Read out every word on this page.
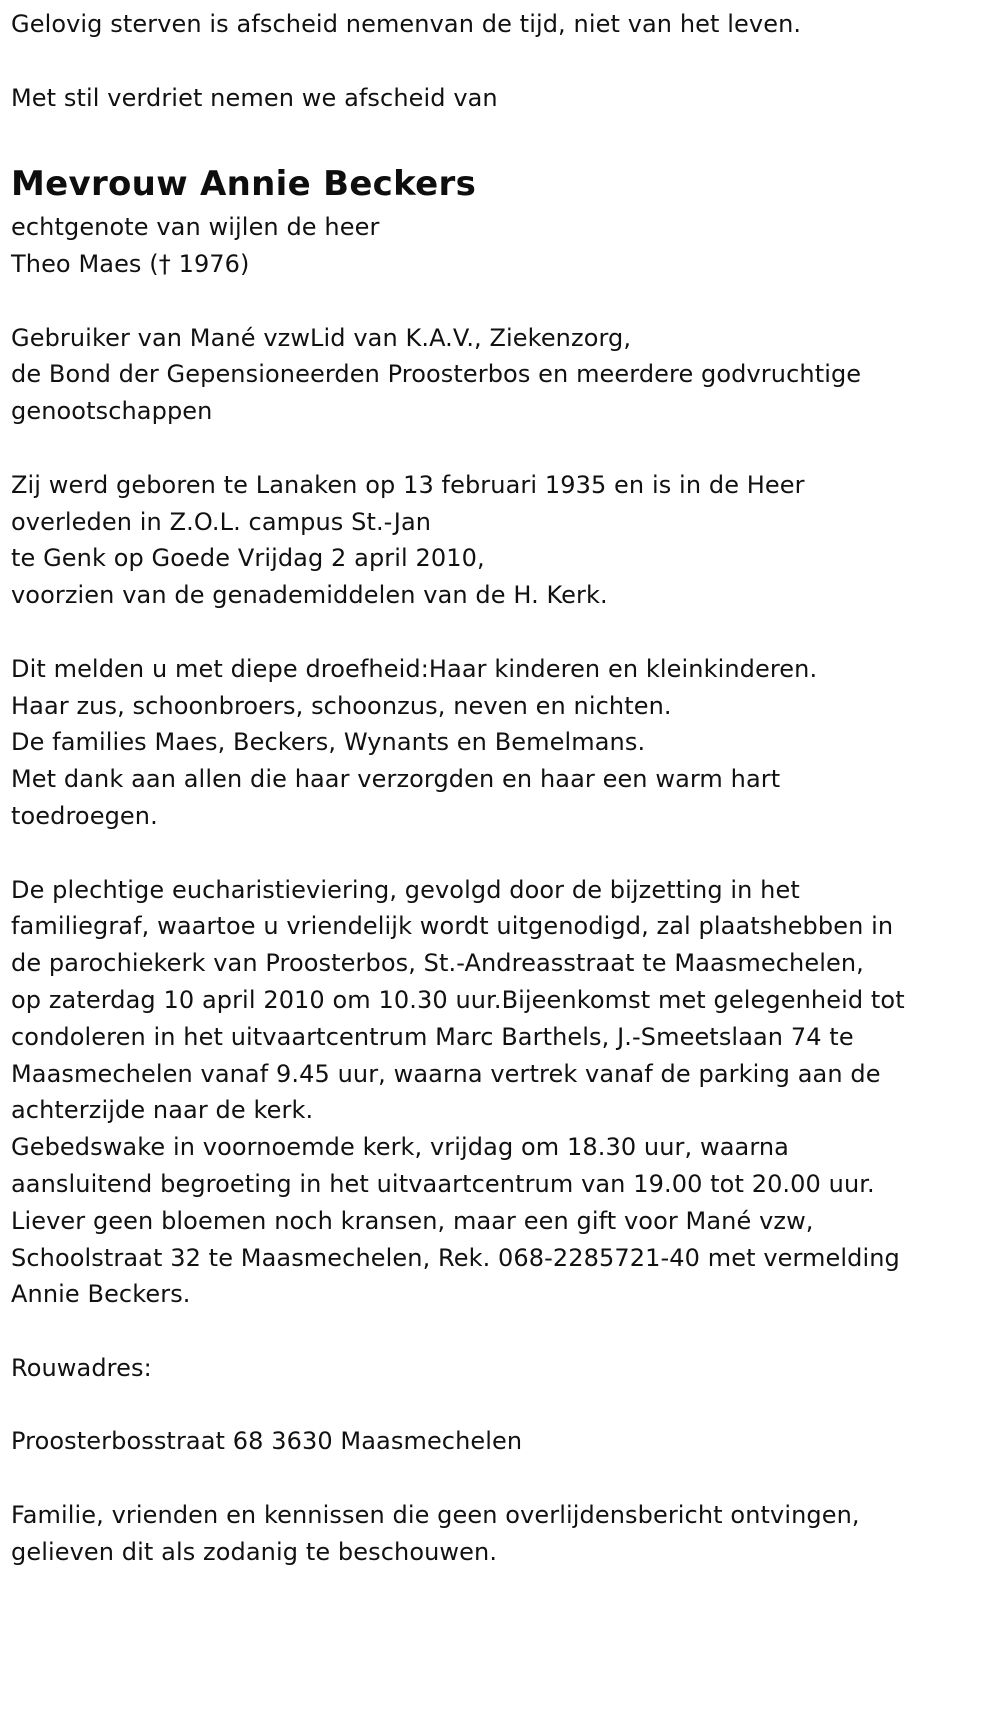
Gelovig sterven is afscheid nemenvan de tijd, niet van het leven.
Met stil verdriet nemen we afscheid van
Mevrouw Annie Beckers
echtgenote van wijlen de heer
Theo Maes († 1976)
Gebruiker van Mané vzwLid van K.A.V., Ziekenzorg,
de Bond der Gepensioneerden Proosterbos en meerdere godvruchtige
genootschappen
Zij werd geboren te Lanaken op 13 februari 1935 en is in de Heer
overleden in Z.O.L. campus St.-Jan
te Genk op Goede Vrijdag 2 april 2010,
voorzien van de genademiddelen van de H. Kerk.
Dit melden u met diepe droefheid:Haar kinderen en kleinkinderen.
Haar zus, schoonbroers, schoonzus, neven en nichten.
De families Maes, Beckers, Wynants en Bemelmans.
Met dank aan allen die haar verzorgden en haar een warm hart
toedroegen.
De plechtige eucharistieviering, gevolgd door de bijzetting in het
familiegraf, waartoe u vriendelijk wordt uitgenodigd, zal plaatshebben in
de parochiekerk van Proosterbos, St.-Andreasstraat te Maasmechelen,
op zaterdag 10 april 2010 om 10.30 uur.Bijeenkomst met gelegenheid tot
condoleren in het uitvaartcentrum Marc Barthels, J.-Smeetslaan 74 te
Maasmechelen vanaf 9.45 uur, waarna vertrek vanaf de parking aan de
achterzijde naar de kerk.
Gebedswake in voornoemde kerk, vrijdag om 18.30 uur, waarna
aansluitend begroeting in het uitvaartcentrum van 19.00 tot 20.00 uur.
Liever geen bloemen noch kransen, maar een gift voor Mané vzw,
Schoolstraat 32 te Maasmechelen, Rek. 068-2285721-40 met vermelding
Annie Beckers.
Rouwadres:
Proosterbosstraat 68 3630 Maasmechelen
Familie, vrienden en kennissen die geen overlijdensbericht ontvingen,
gelieven dit als zodanig te beschouwen.
